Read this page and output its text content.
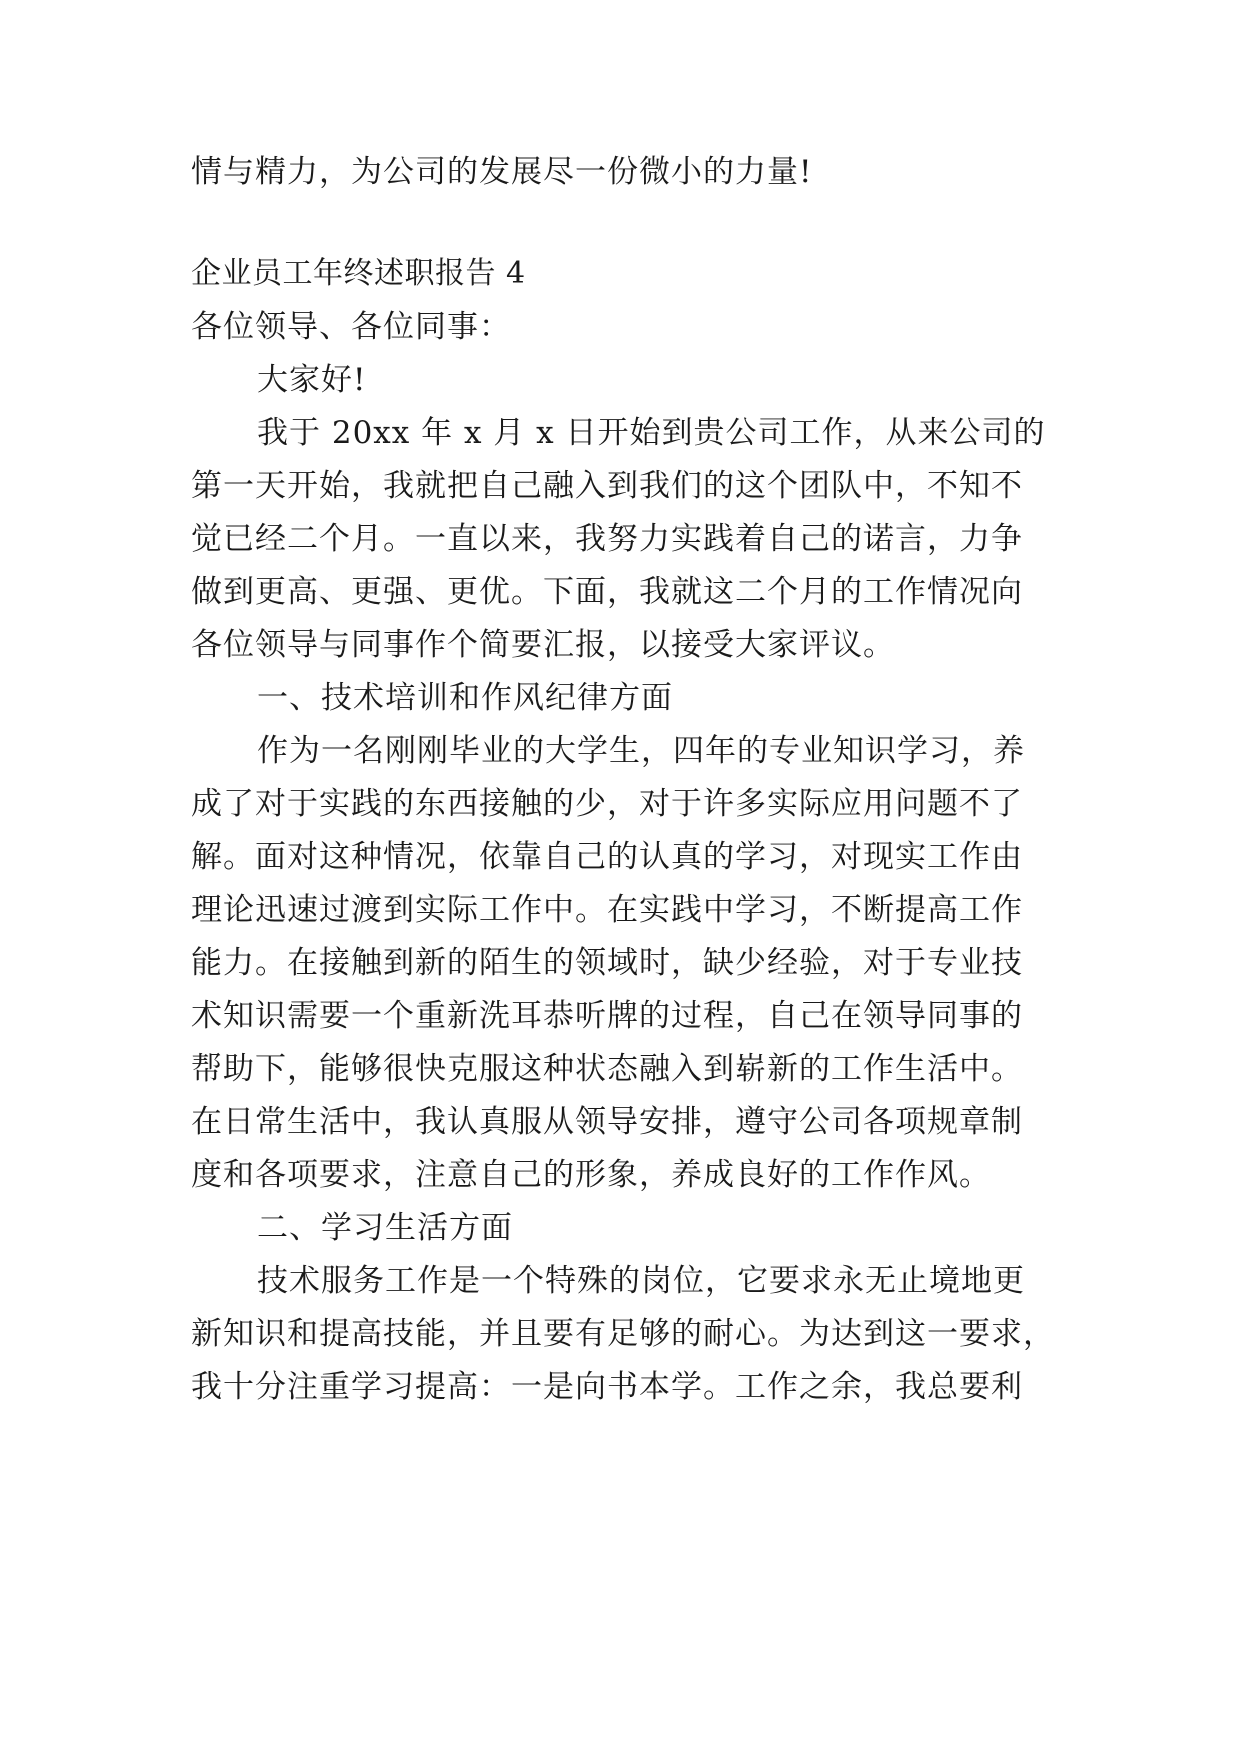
情与精力，为公司的发展尽一份微小的力量!
企业员工年终述职报告 4
各位领导、各位同事：
大家好!
我于 20xx 年 x 月 x 日开始到贵公司工作，从来公司的
第一天开始，我就把自己融入到我们的这个团队中，不知不
觉已经二个月。一直以来，我努力实践着自己的诺言，力争
做到更高、更强、更优。下面，我就这二个月的工作情况向
各位领导与同事作个简要汇报，以接受大家评议。
一、技术培训和作风纪律方面
作为一名刚刚毕业的大学生，四年的专业知识学习，养
成了对于实践的东西接触的少，对于许多实际应用问题不了
解。面对这种情况，依靠自己的认真的学习，对现实工作由
理论迅速过渡到实际工作中。在实践中学习，不断提高工作
能力。在接触到新的陌生的领域时，缺少经验，对于专业技
术知识需要一个重新洗耳恭听牌的过程，自己在领导同事的
帮助下，能够很快克服这种状态融入到崭新的工作生活中。
在日常生活中，我认真服从领导安排，遵守公司各项规章制
度和各项要求，注意自己的形象，养成良好的工作作风。
二、学习生活方面
技术服务工作是一个特殊的岗位，它要求永无止境地更
新知识和提高技能，并且要有足够的耐心。为达到这一要求，
我十分注重学习提高：一是向书本学。工作之余，我总要利
